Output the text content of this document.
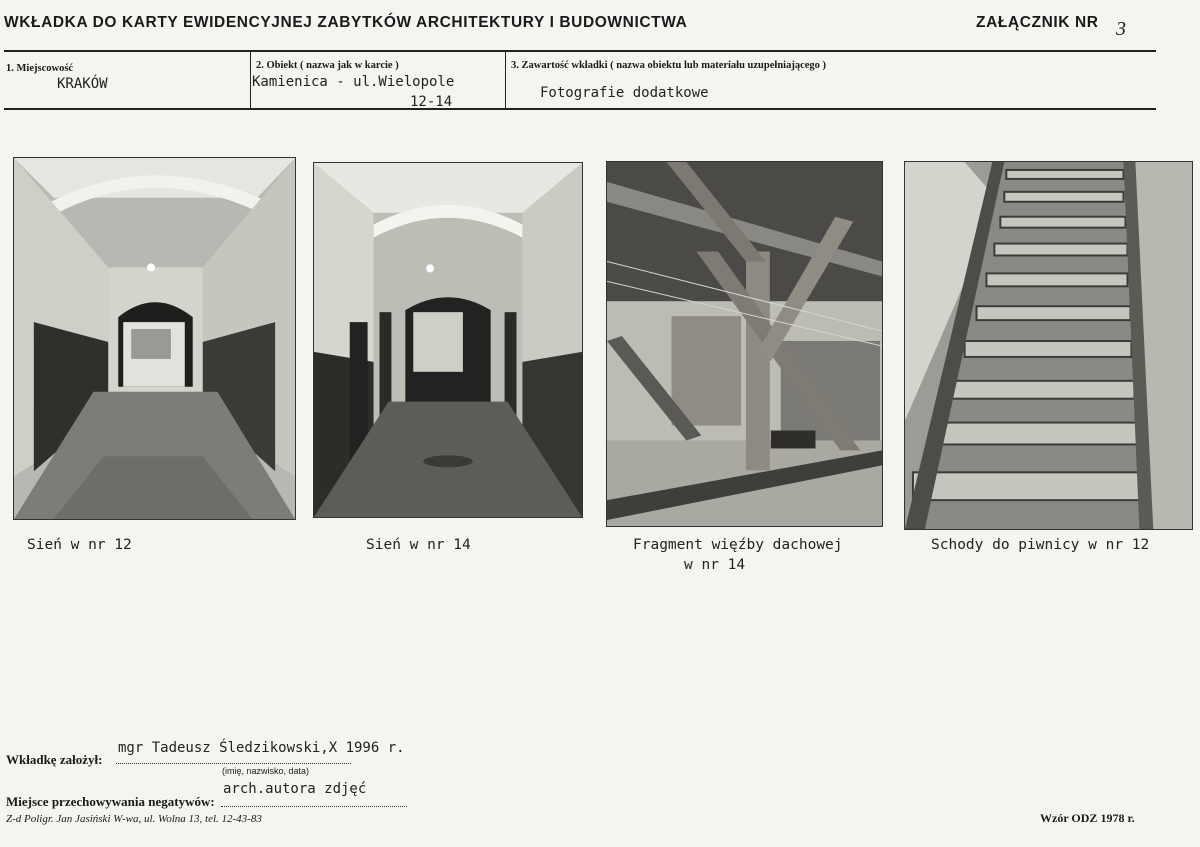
WKŁADKA DO KARTY EWIDENCYJNEJ ZABYTKÓW ARCHITEKTURY I BUDOWNICTWA	ZAŁĄCZNIK NR 3
1. Miejscowość
KRAKÓW
2. Obiekt ( nazwa jak w karcie )
Kamienica - ul.Wielopole
12-14
3. Zawartość wkładki ( nazwa obiektu lub materiału uzupełniającego )
Fotografie dodatkowe
Sień w nr 12	Sień w nr 14	Fragment więźby dachowej
w nr 14
Schody do piwnicy w nr 12
Wkładkę założył:
mgr Tadeusz Śledzikowski,X 1996 r.
(imię, nazwisko, data)
Miejsce przechowywania negatywów:
arch.autora zdjęć
Z-d Poligr. Jan Jasiński W-wa, ul. Wolna 13, tel. 12-43-83	Wzór ODZ 1978 r.
